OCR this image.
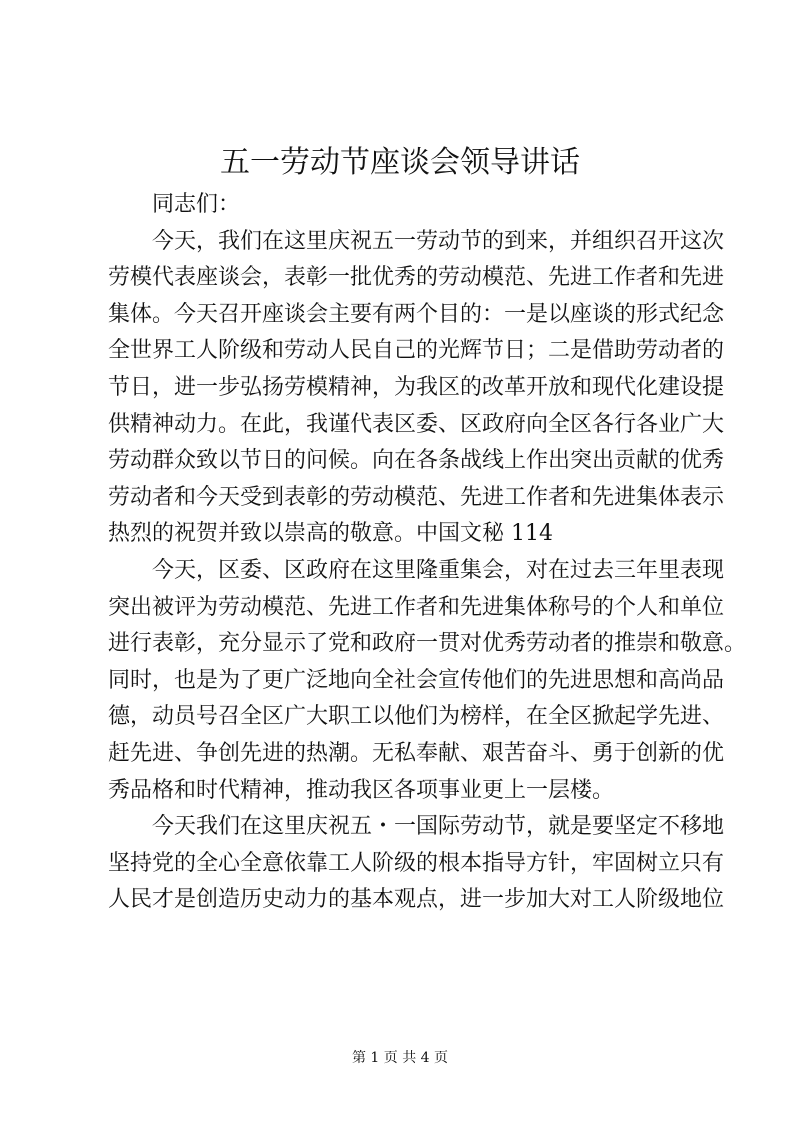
五一劳动节座谈会领导讲话
同志们：
今天，我们在这里庆祝五一劳动节的到来，并组织召开这次
劳模代表座谈会，表彰一批优秀的劳动模范、先进工作者和先进
集体。今天召开座谈会主要有两个目的：一是以座谈的形式纪念
全世界工人阶级和劳动人民自己的光辉节日；二是借助劳动者的
节日，进一步弘扬劳模精神，为我区的改革开放和现代化建设提
供精神动力。在此，我谨代表区委、区政府向全区各行各业广大
劳动群众致以节日的问候。向在各条战线上作出突出贡献的优秀
劳动者和今天受到表彰的劳动模范、先进工作者和先进集体表示
热烈的祝贺并致以崇高的敬意。中国文秘 114
今天，区委、区政府在这里隆重集会，对在过去三年里表现
突出被评为劳动模范、先进工作者和先进集体称号的个人和单位
进行表彰，充分显示了党和政府一贯对优秀劳动者的推崇和敬意。
同时，也是为了更广泛地向全社会宣传他们的先进思想和高尚品
德，动员号召全区广大职工以他们为榜样，在全区掀起学先进、
赶先进、争创先进的热潮。无私奉献、艰苦奋斗、勇于创新的优
秀品格和时代精神，推动我区各项事业更上一层楼。
今天我们在这里庆祝五・一国际劳动节，就是要坚定不移地
坚持党的全心全意依靠工人阶级的根本指导方针，牢固树立只有
人民才是创造历史动力的基本观点，进一步加大对工人阶级地位
第 1 页 共 4 页
